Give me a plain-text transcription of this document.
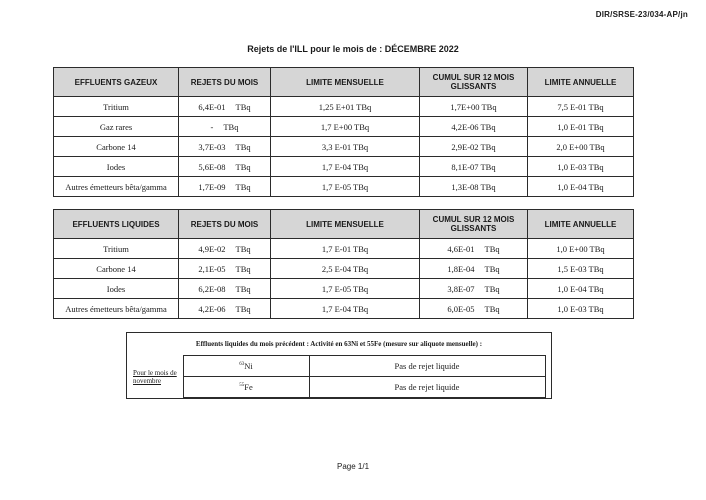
DIR/SRSE-23/034-AP/jn
Rejets de l'ILL pour le mois de : DÉCEMBRE 2022
EFFLUENTS GAZEUX	REJETS DU MOIS	LIMITE MENSUELLE	CUMUL SUR 12 MOIS GLISSANTS	LIMITE ANNUELLE
Tritium	6,4E-01 TBq	1,25 E+01 TBq	1,7E+00 TBq	7,5 E-01 TBq
Gaz rares	- TBq	1,7 E+00 TBq	4,2E-06 TBq	1,0 E-01 TBq
Carbone 14	3,7E-03 TBq	3,3 E-01 TBq	2,9E-02 TBq	2,0 E+00 TBq
Iodes	5,6E-08 TBq	1,7 E-04 TBq	8,1E-07 TBq	1,0 E-03 TBq
Autres émetteurs bêta/gamma	1,7E-09 TBq	1,7 E-05 TBq	1,3E-08 TBq	1,0 E-04 TBq
EFFLUENTS LIQUIDES	REJETS DU MOIS	LIMITE MENSUELLE	CUMUL SUR 12 MOIS GLISSANTS	LIMITE ANNUELLE
Tritium	4,9E-02 TBq	1,7 E-01 TBq	4,6E-01 TBq	1,0 E+00 TBq
Carbone 14	2,1E-05 TBq	2,5 E-04 TBq	1,8E-04 TBq	1,5 E-03 TBq
Iodes	6,2E-08 TBq	1,7 E-05 TBq	3,8E-07 TBq	1,0 E-04 TBq
Autres émetteurs bêta/gamma	4,2E-06 TBq	1,7 E-04 TBq	6,0E-05 TBq	1,0 E-03 TBq
Effluents liquides du mois précédent : Activité en 63Ni et 55Fe (mesure sur aliquote mensuelle) :
Pour le mois de novembre	$^{63}$Ni	Pas de rejet liquide
	$^{55}$Fe	Pas de rejet liquide
Page 1/1
